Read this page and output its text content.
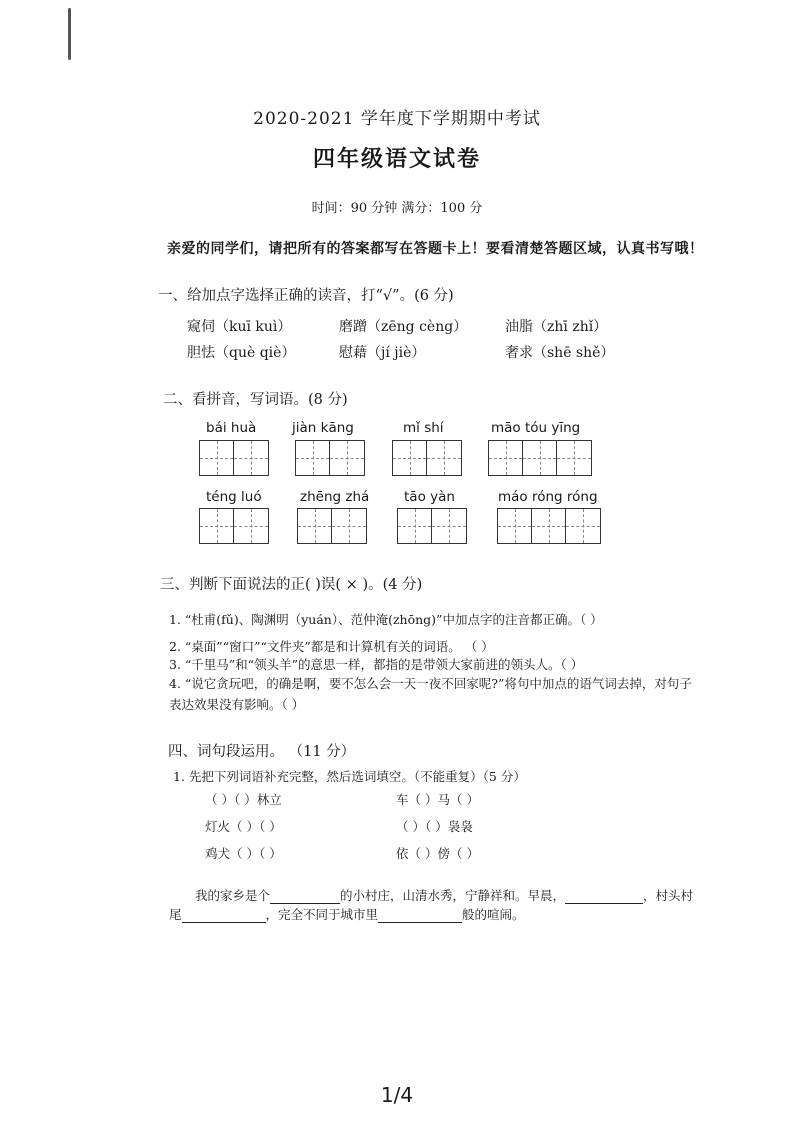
2020-2021 学年度下学期期中考试
四年级语文试卷
时间：90 分钟 满分：100 分
亲爱的同学们，请把所有的答案都写在答题卡上！要看清楚答题区域，认真书写哦！
一、给加点字选择正确的读音，打“√”。(6 分)
窥伺（kuī kuì）	磨蹭（zēng cèng）	油脂（zhī zhǐ）
胆怯（què qiè）	慰藉（jí jiè）	奢求（shē shě）
二、看拼音，写词语。(8 分)
bái huà	jiàn kāng	mǐ shí	māo tóu yīng
téng luó	zhēng zhá	tāo yàn	máo róng róng
三、判断下面说法的正( )误( × )。(4 分)
1. “杜甫(fǔ)、陶渊明（yuán）、范仲淹(zhōng)”中加点字的注音都正确。（ ）
2. “桌面”“窗口”“文件夹”都是和计算机有关的词语。 （ ）
3. “千里马”和“领头羊”的意思一样，都指的是带领大家前进的领头人。（ ）
4. “说它贪玩吧，的确是啊，要不怎么会一天一夜不回家呢?”将句中加点的语气词去掉，对句子
表达效果没有影响。（ ）
四、词句段运用。 （11 分）
1. 先把下列词语补充完整，然后选词填空。（不能重复）（5 分）
（ ）（ ）林立	车（ ）马（ ）
灯火（ ）（ ）	（ ）（ ）袅袅
鸡犬（ ）（ ）	依（ ）傍（ ）
我的家乡是个	的小村庄，山清水秀，宁静祥和。早晨，	，村头村
尾	，完全不同于城市里	般的喧闹。
1/4
